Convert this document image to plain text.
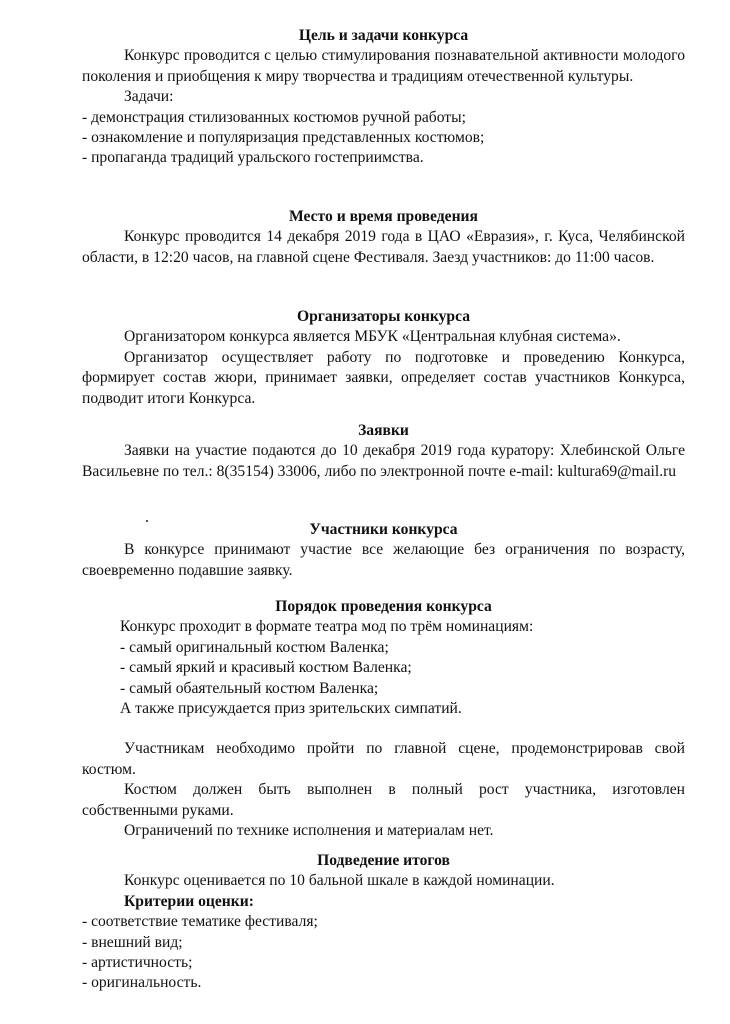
Цель и задачи конкурса

Конкурс проводится с целью стимулирования познавательной активности молодого поколения и приобщения к миру творчества и традициям отечественной культуры.

Задачи:

- демонстрация стилизованных костюмов ручной работы;

- ознакомление и популяризация представленных костюмов;

- пропаганда традиций уральского гостеприимства.

Место и время проведения

Конкурс проводится 14 декабря 2019 года в ЦАО «Евразия», г. Куса, Челябинской области, в 12:20 часов, на главной сцене Фестиваля. Заезд участников: до 11:00 часов.

Организаторы конкурса

Организатором конкурса является МБУК «Центральная клубная система».

Организатор осуществляет работу по подготовке и проведению Конкурса, формирует состав жюри, принимает заявки, определяет состав участников Конкурса, подводит итоги Конкурса.

Заявки

Заявки на участие подаются до 10 декабря 2019 года куратору: Хлебинской Ольге Васильевне по тел.: 8(35154) 33006, либо по электронной почте e-mail: kultura69@mail.ru

Участники конкурса

В конкурсе принимают участие все желающие без ограничения по возрасту, своевременно подавшие заявку.

Порядок проведения конкурса

Конкурс проходит в формате театра мод по трём номинациям:

- самый оригинальный костюм Валенка;

- самый яркий и красивый костюм Валенка;

- самый обаятельный костюм Валенка;

А также присуждается приз зрительских симпатий.

Участникам необходимо пройти по главной сцене, продемонстрировав свой костюм.

Костюм должен быть выполнен в полный рост участника, изготовлен собственными руками.

Ограничений по технике исполнения и материалам нет.

Подведение итогов

Конкурс оценивается по 10 бальной шкале в каждой номинации.

Критерии оценки:

- соответствие тематике фестиваля;

- внешний вид;

- артистичность;

- оригинальность.
